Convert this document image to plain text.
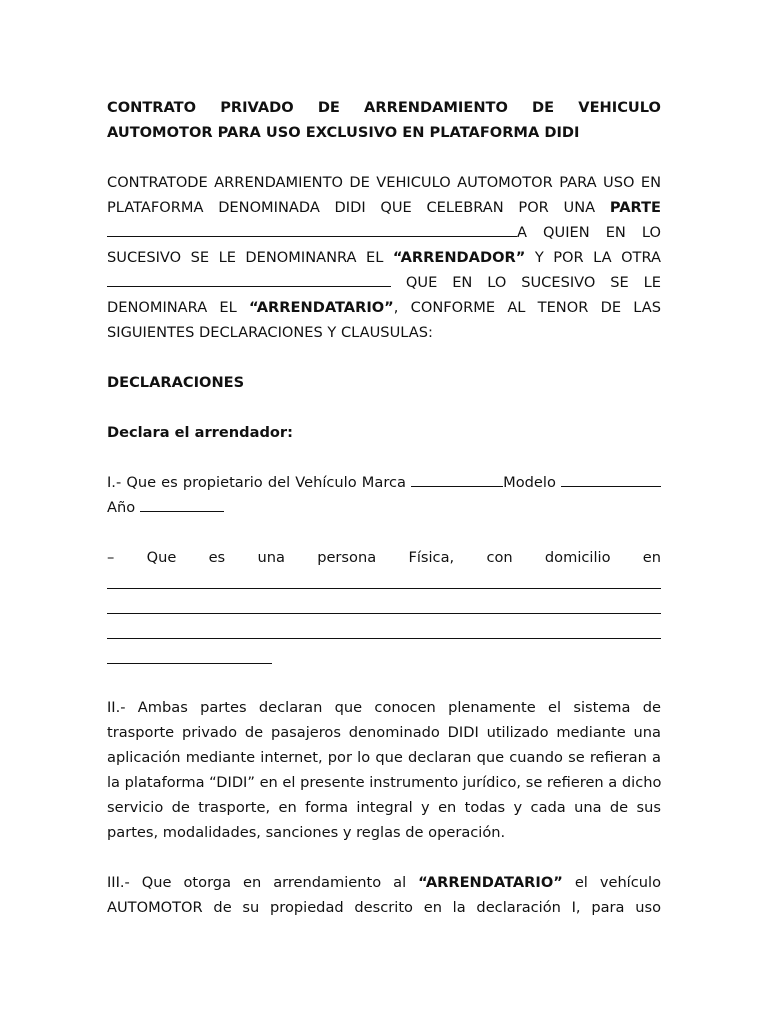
CONTRATO PRIVADO DE ARRENDAMIENTO DE VEHICULO
AUTOMOTOR PARA USO EXCLUSIVO EN PLATAFORMA DIDI
CONTRATODE ARRENDAMIENTO DE VEHICULO AUTOMOTOR PARA USO EN
PLATAFORMA DENOMINADA DIDI QUE CELEBRAN POR UNA PARTE
A QUIEN EN LO
SUCESIVO SE LE DENOMINANRA EL “ARRENDADOR” Y POR LA OTRA
QUE EN LO SUCESIVO SE LE
DENOMINARA EL “ARRENDATARIO”, CONFORME AL TENOR DE LAS
SIGUIENTES DECLARACIONES Y CLAUSULAS:
DECLARACIONES
Declara el arrendador:
I.- Que es propietario del Vehículo Marca	Modelo
Año
– Que es una persona Física, con domicilio en
II.- Ambas partes declaran que conocen plenamente el sistema de
trasporte privado de pasajeros denominado DIDI utilizado mediante una
aplicación mediante internet, por lo que declaran que cuando se refieran a
la plataforma “DIDI” en el presente instrumento jurídico, se refieren a dicho
servicio de trasporte, en forma integral y en todas y cada una de sus
partes, modalidades, sanciones y reglas de operación.
III.- Que otorga en arrendamiento al “ARRENDATARIO” el vehículo
AUTOMOTOR de su propiedad descrito en la declaración I, para uso
